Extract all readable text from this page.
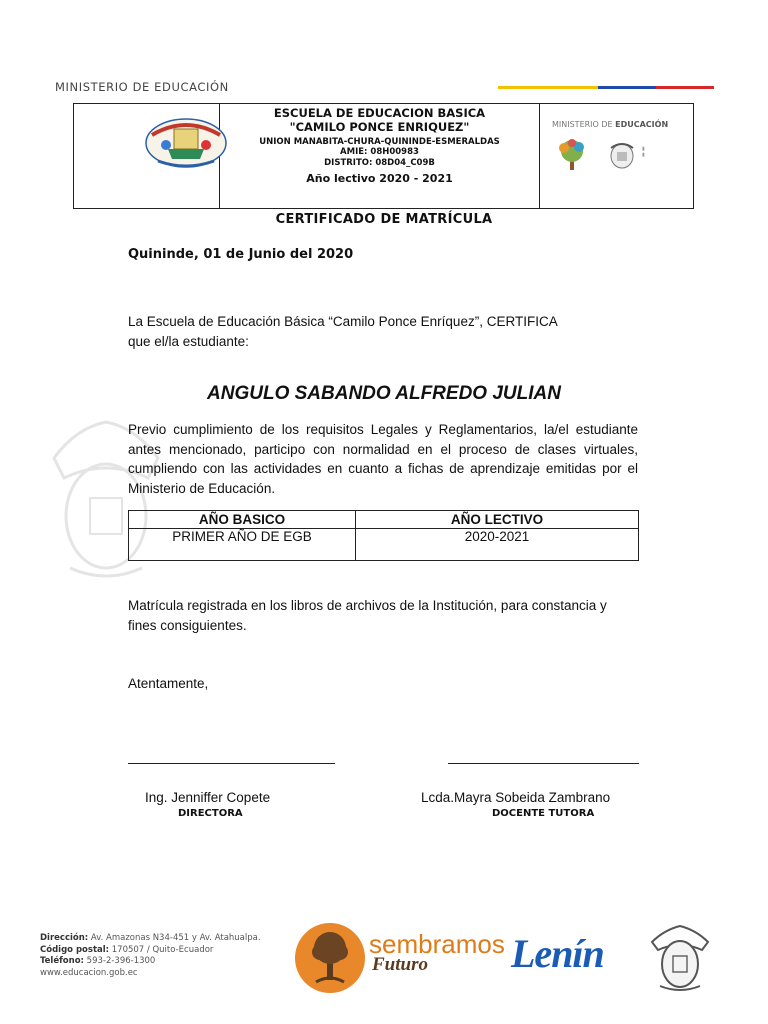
MINISTERIO DE EDUCACIÓN
ESCUELA DE EDUCACION BASICA
"CAMILO PONCE ENRIQUEZ"
UNION MANABITA-CHURA-QUININDE-ESMERALDAS
AMIE: 08H00983
DISTRITO: 08D04_C09B
Año lectivo 2020 - 2021
MINISTERIO DE EDUCACIÓN
▮
▮
CERTIFICADO DE MATRÍCULA
Quininde, 01 de Junio del 2020
La Escuela de Educación Básica “Camilo Ponce Enríquez”, CERTIFICA
que el/la estudiante:
ANGULO SABANDO ALFREDO JULIAN
Previo cumplimiento de los requisitos Legales y Reglamentarios, la/el estudiante antes mencionado, participo con normalidad en el proceso de clases virtuales, cumpliendo con las actividades en cuanto a fichas de aprendizaje emitidas por el Ministerio de Educación.
AÑO BASICO	AÑO LECTIVO
PRIMER AÑO DE EGB	2020-2021
Matrícula registrada en los libros de archivos de la Institución, para constancia y fines consiguientes.
Atentamente,
Ing. Jenniffer Copete
DIRECTORA
Lcda.Mayra Sobeida Zambrano
DOCENTE TUTORA
Dirección: Av. Amazonas N34-451 y Av. Atahualpa.
Código postal: 170507 / Quito-Ecuador
Teléfono: 593-2-396-1300
www.educacion.gob.ec
sembramos
Futuro Lenín
